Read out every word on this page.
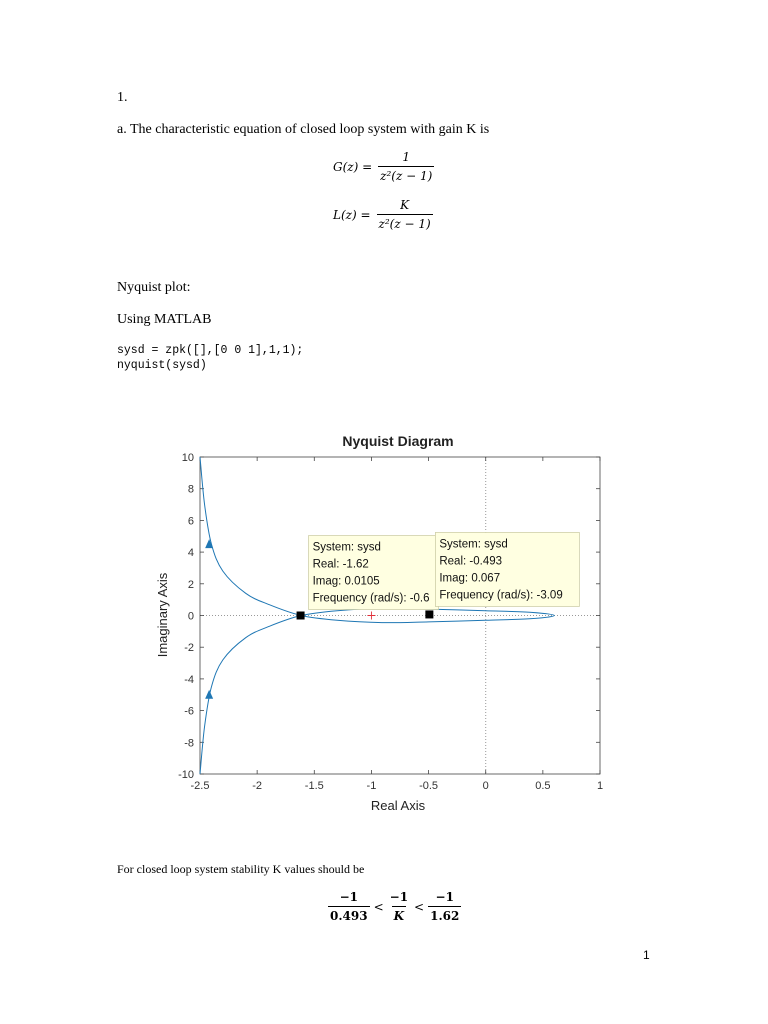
1.
a. The characteristic equation of closed loop system with gain K is
$G(z) = \frac{1}{\text{z²(z − 1)}}$
$L(z) = \frac{K}{\text{z²(z − 1)}}$
Nyquist plot:
Using MATLAB
sysd = zpk([],[0 0 1],1,1);
nyquist(sysd)
Nyquist Diagram
Real Axis
Imaginary Axis
-2.5	-2	-1.5	-1	-0.5	0	0.5	1
10
8
6
4
2
0
-2
-4
-6
-8
-10
System: sysd
Real: -1.62
Imag: 0.0105
Frequency (rad/s): -0.6
System: sysd
Real: -0.493
Imag: 0.067
Frequency (rad/s): -3.09
For closed loop system stability K values should be
$\frac{-1}{0.493} < \frac{-1}{K} < \frac{-1}{1.62}$
1
